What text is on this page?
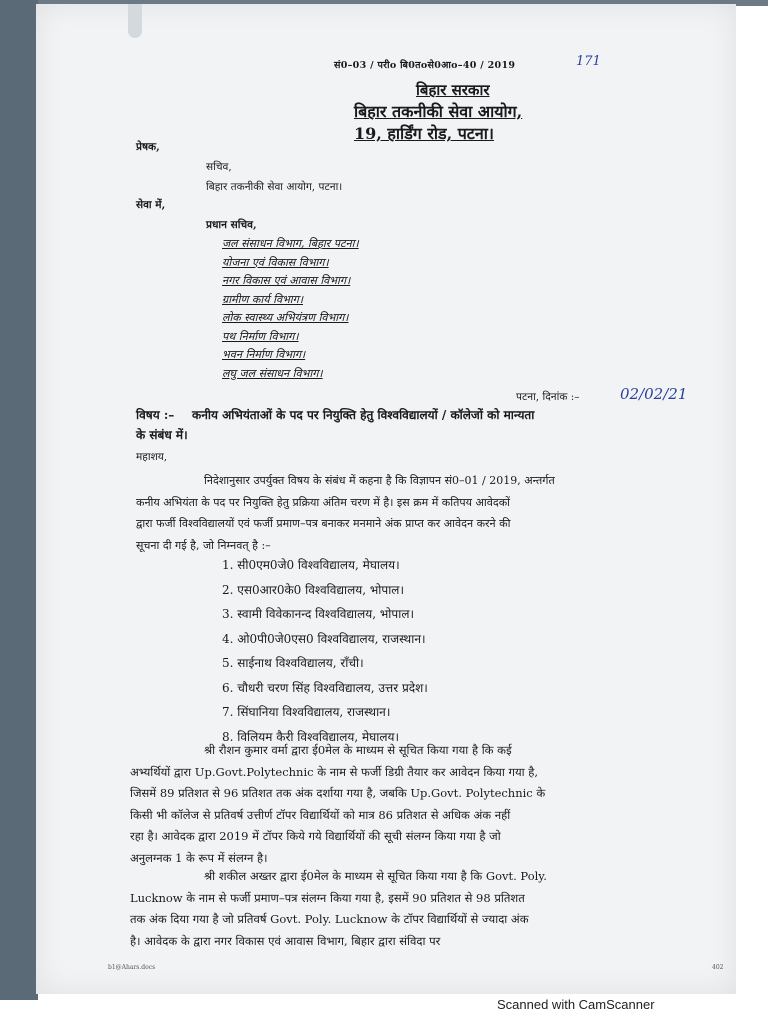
सं0–03 / परीo बि0तoसे0आo–40 / 2019	171
बिहार सरकार
बिहार तकनीकी सेवा आयोग,
19, हार्डिंग रोड, पटना।
प्रेषक,
सचिव,
बिहार तकनीकी सेवा आयोग, पटना।
सेवा में,
प्रधान सचिव,
जल संसाधन विभाग, बिहार पटना।
योजना एवं विकास विभाग।
नगर विकास एवं आवास विभाग।
ग्रामीण कार्य विभाग।
लोक स्वास्थ्य अभियंत्रण विभाग।
पथ निर्माण विभाग।
भवन निर्माण विभाग।
लघु जल संसाधन विभाग।
पटना, दिनांक :–	02/02/21
विषय :– कनीय अभियंताओं के पद पर नियुक्ति हेतु विश्वविद्यालयों / कॉलेजों को मान्यता
के संबंध में।
महाशय,
निदेशानुसार उपर्युक्त विषय के संबंध में कहना है कि विज्ञापन सं0–01 / 2019, अन्तर्गत
कनीय अभियंता के पद पर नियुक्ति हेतु प्रक्रिया अंतिम चरण में है। इस क्रम में कतिपय आवेदकों
द्वारा फर्जी विश्वविद्यालयों एवं फर्जी प्रमाण–पत्र बनाकर मनमाने अंक प्राप्त कर आवेदन करने की
सूचना दी गई है, जो निम्नवत् है :–
1. सी0एम0जे0 विश्वविद्यालय, मेघालय।
2. एस0आर0के0 विश्वविद्यालय, भोपाल।
3. स्वामी विवेकानन्द विश्वविद्यालय, भोपाल।
4. ओ0पी0जे0एस0 विश्वविद्यालय, राजस्थान।
5. साईनाथ विश्वविद्यालय, राँची।
6. चौधरी चरण सिंह विश्वविद्यालय, उत्तर प्रदेश।
7. सिंघानिया विश्वविद्यालय, राजस्थान।
8. विलियम कैरी विश्वविद्यालय, मेघालय।
श्री रौशन कुमार वर्मा द्वारा ई0मेल के माध्यम से सूचित किया गया है कि कई
अभ्यर्थियों द्वारा Up.Govt.Polytechnic के नाम से फर्जी डिग्री तैयार कर आवेदन किया गया है,
जिसमें 89 प्रतिशत से 96 प्रतिशत तक अंक दर्शाया गया है, जबकि Up.Govt. Polytechnic के
किसी भी कॉलेज से प्रतिवर्ष उत्तीर्ण टॉपर विद्यार्थियों को मात्र 86 प्रतिशत से अधिक अंक नहीं
रहा है। आवेदक द्वारा 2019 में टॉपर किये गये विद्यार्थियों की सूची संलग्न किया गया है जो
अनुलग्नक 1 के रूप में संलग्न है।
श्री शकील अख्तर द्वारा ई0मेल के माध्यम से सूचित किया गया है कि Govt. Poly.
Lucknow के नाम से फर्जी प्रमाण–पत्र संलग्न किया गया है, इसमें 90 प्रतिशत से 98 प्रतिशत
तक अंक दिया गया है जो प्रतिवर्ष Govt. Poly. Lucknow के टॉपर विद्यार्थियों से ज्यादा अंक
है। आवेदक के द्वारा नगर विकास एवं आवास विभाग, बिहार द्वारा संविदा पर
b1@Ahars.docs	402
Scanned with CamScanner
